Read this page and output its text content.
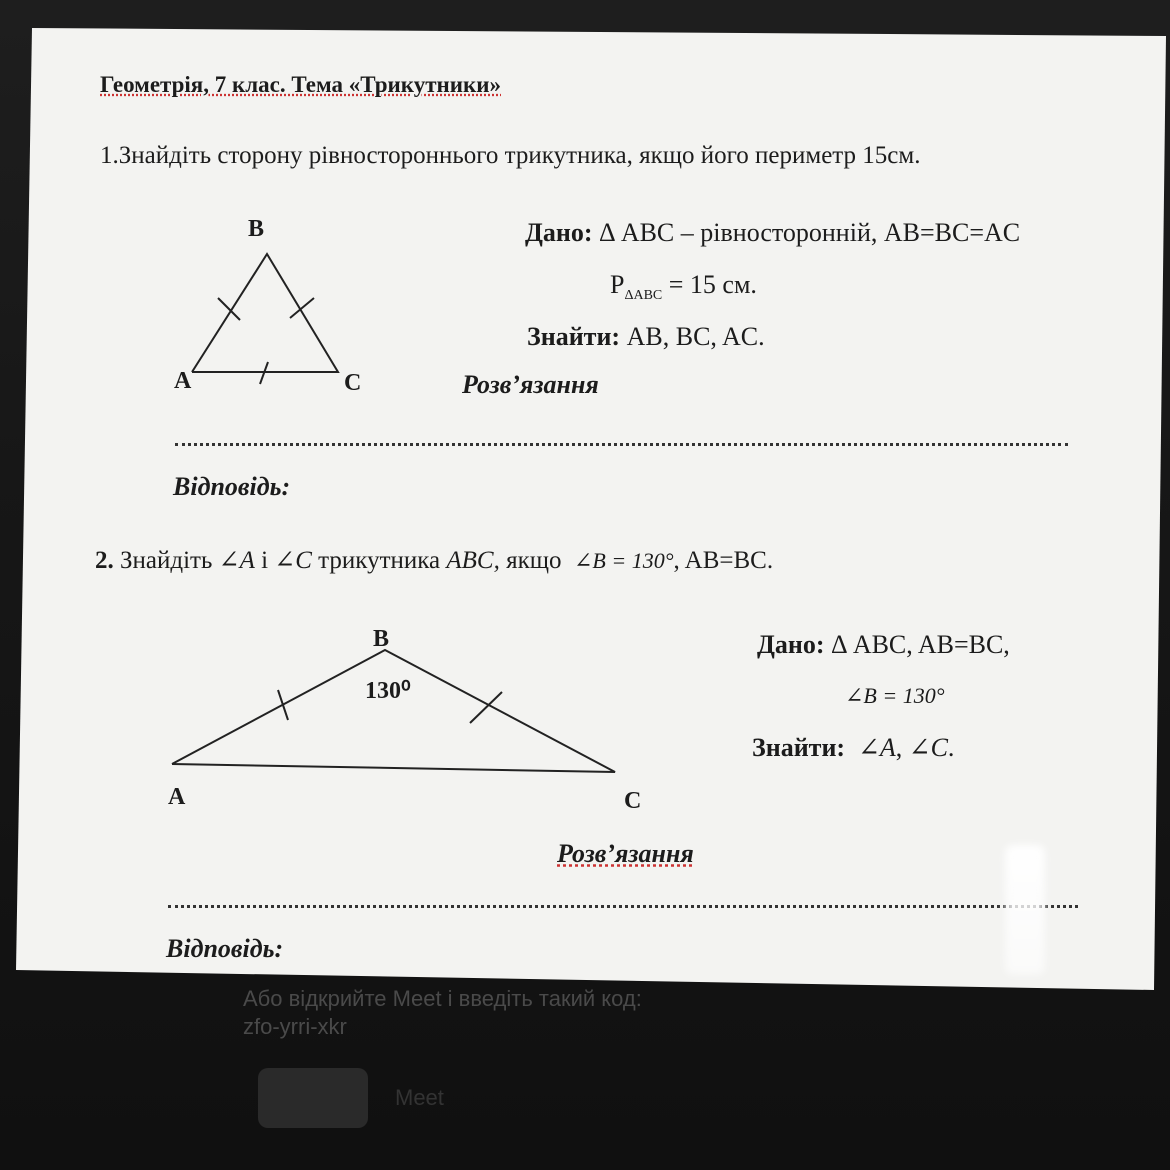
Або відкрийте Meet і введіть такий код:
zfo-yrri-xkr
Meet
Геометрія, 7 клас. Тема «Трикутники»
1.Знайдіть сторону рівностороннього трикутника, якщо його периметр 15см.
B
A	C
Дано: Δ ABC – рівносторонній, AB=BC=AC
$P_{\Delta ABC} = 15$ см.
Знайти: AB, BC, AC.
Розв’язання
Відповідь:
2. Знайдіть ∠A і ∠C трикутника ABC, якщо ∠B = 130°, AB=BC.
B
130⁰
A	C
Дано: Δ ABC, AB=BC,
∠B = 130°
Знайти: ∠A, ∠C.
Розв’язання
Відповідь:
